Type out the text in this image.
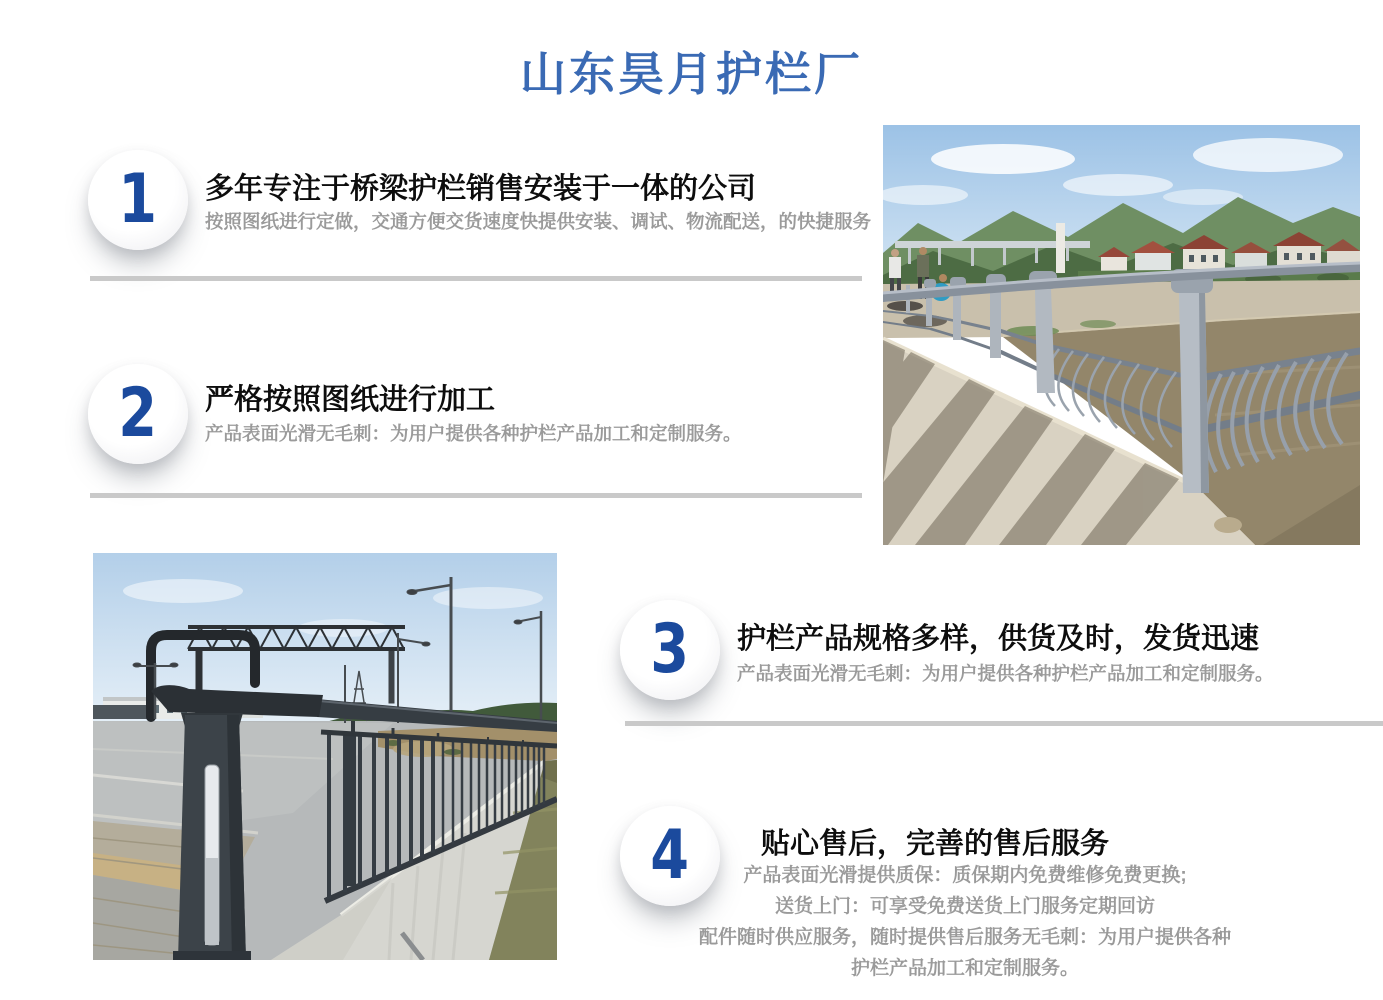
山东昊月护栏厂
1 多年专注于桥梁护栏销售安装于一体的公司
按照图纸进行定做，交通方便交货速度快提供安装、调试、物流配送，的快捷服务
2 严格按照图纸进行加工
产品表面光滑无毛刺：为用户提供各种护栏产品加工和定制服务。
3 护栏产品规格多样，供货及时，发货迅速
产品表面光滑无毛刺：为用户提供各种护栏产品加工和定制服务。
4	贴心售后，完善的售后服务
产品表面光滑提供质保：质保期内免费维修免费更换;
送货上门：可享受免费送货上门服务定期回访
配件随时供应服务，随时提供售后服务无毛刺：为用户提供各种
护栏产品加工和定制服务。
